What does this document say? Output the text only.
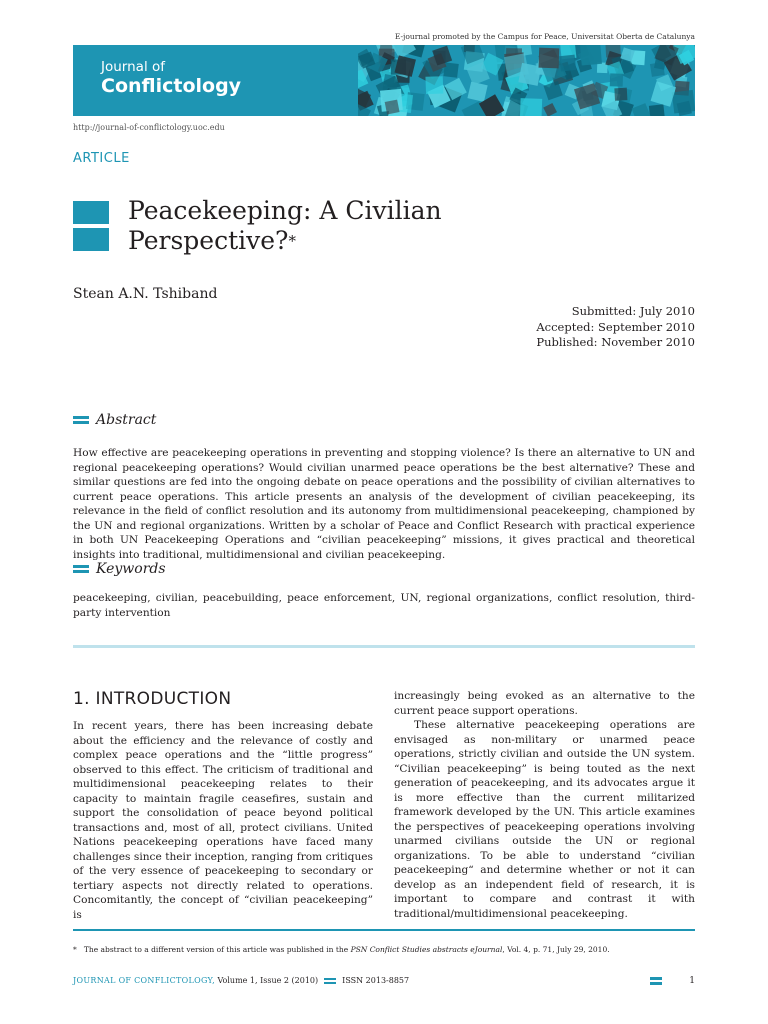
E-journal promoted by the Campus for Peace, Universitat Oberta de Catalunya
Journal of
Conflictology
http://journal-of-conflictology.uoc.edu
ARTICLE
Peacekeeping: A Civilian
Perspective?*
Stean A.N. Tshiband
Submitted: July 2010
Accepted: September 2010
Published: November 2010
Abstract
How effective are peacekeeping operations in preventing and stopping violence? Is there an alternative to UN and regional peacekeeping operations? Would civilian unarmed peace operations be the best alternative? These and similar questions are fed into the ongoing debate on peace operations and the possibility of civilian alternatives to current peace operations. This article presents an analysis of the development of civilian peacekeeping, its relevance in the field of conflict resolution and its autonomy from multidimensional peacekeeping, championed by the UN and regional organizations. Written by a scholar of Peace and Conflict Research with practical experience in both UN Peacekeeping Operations and “civilian peacekeeping” missions, it gives practical and theoretical insights into traditional, multidimensional and civilian peacekeeping.
Keywords
peacekeeping, civilian, peacebuilding, peace enforcement, UN, regional organizations, conflict resolution, third-party intervention
1. INTRODUCTION

In recent years, there has been increasing debate about the efficiency and the relevance of costly and complex peace operations and the “little progress” observed to this effect. The criticism of traditional and multidimensional peacekeeping relates to their capacity to maintain fragile ceasefires, sustain and support the consolidation of peace beyond political transactions and, most of all, protect civilians. United Nations peacekeeping operations have faced many challenges since their inception, ranging from critiques of the very essence of peacekeeping to secondary or tertiary aspects not directly related to operations. Concomitantly, the concept of “civilian peacekeeping” is

increasingly being evoked as an alternative to the current peace support operations.

These alternative peacekeeping operations are envisaged as non-military or unarmed peace operations, strictly civilian and outside the UN system. “Civilian peacekeeping” is being touted as the next generation of peacekeeping, and its advocates argue it is more effective than the current militarized framework developed by the UN. This article examines the perspectives of peacekeeping operations involving unarmed civilians outside the UN or regional organizations. To be able to understand “civilian peacekeeping“ and determine whether or not it can develop as an independent field of research, it is important to compare and contrast it with traditional/multidimensional peacekeeping.

* The abstract to a different version of this article was published in the PSN Conflict Studies abstracts eJournal, Vol. 4, p. 71, July 29, 2010.
JOURNAL OF CONFLICTOLOGY,
Volume 1, Issue 2 (2010)	ISSN 2013-8857	1
